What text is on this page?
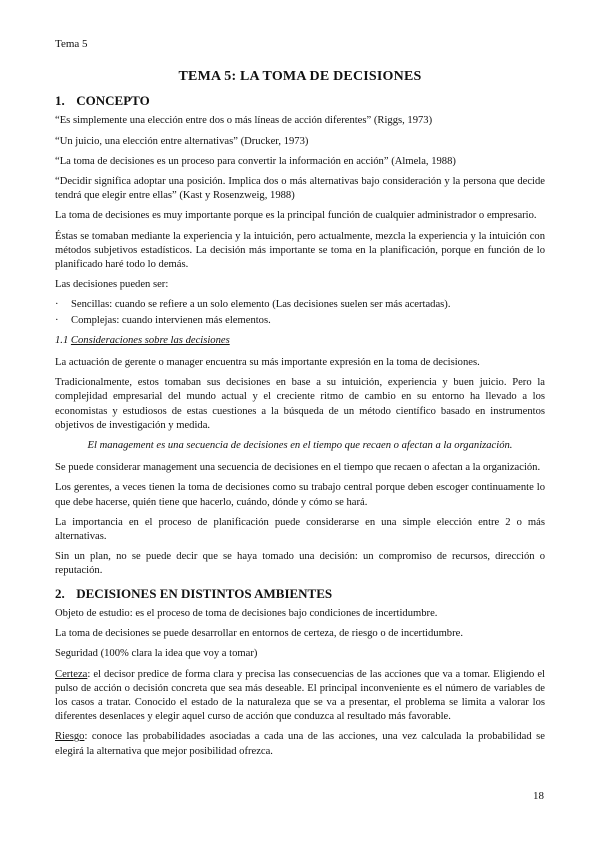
Tema 5
TEMA 5: LA TOMA DE DECISIONES
1. CONCEPTO

“Es simplemente una elección entre dos o más líneas de acción diferentes” (Riggs, 1973)

“Un juicio, una elección entre alternativas” (Drucker, 1973)

“La toma de decisiones es un proceso para convertir la información en acción” (Almela, 1988)

“Decidir significa adoptar una posición. Implica dos o más alternativas bajo consideración y la persona que decide tendrá que elegir entre ellas” (Kast y Rosenzweig, 1988)

La toma de decisiones es muy importante porque es la principal función de cualquier administrador o empresario.

Éstas se tomaban mediante la experiencia y la intuición, pero actualmente, mezcla la experiencia y la intuición con métodos subjetivos estadísticos. La decisión más importante se toma en la planificación, porque en función de lo planificado haré todo lo demás.

Las decisiones pueden ser:

· Sencillas: cuando se refiere a un solo elemento (Las decisiones suelen ser más acertadas).
· Complejas: cuando intervienen más elementos.
1.1 Consideraciones sobre las decisiones

La actuación de gerente o manager encuentra su más importante expresión en la toma de decisiones.

Tradicionalmente, estos tomaban sus decisiones en base a su intuición, experiencia y buen juicio. Pero la complejidad empresarial del mundo actual y el creciente ritmo de cambio en su entorno ha llevado a los economistas y estudiosos de estas cuestiones a la búsqueda de un método científico basado en instrumentos objetivos de investigación y medida.

El management es una secuencia de decisiones en el tiempo que recaen o afectan a la organización.

Se puede considerar management una secuencia de decisiones en el tiempo que recaen o afectan a la organización.

Los gerentes, a veces tienen la toma de decisiones como su trabajo central porque deben escoger continuamente lo que debe hacerse, quién tiene que hacerlo, cuándo, dónde y cómo se hará.

La importancia en el proceso de planificación puede considerarse en una simple elección entre 2 o más alternativas.

Sin un plan, no se puede decir que se haya tomado una decisión: un compromiso de recursos, dirección o reputación.

2. DECISIONES EN DISTINTOS AMBIENTES

Objeto de estudio: es el proceso de toma de decisiones bajo condiciones de incertidumbre.

La toma de decisiones se puede desarrollar en entornos de certeza, de riesgo o de incertidumbre.

Seguridad (100% clara la idea que voy a tomar)

Certeza: el decisor predice de forma clara y precisa las consecuencias de las acciones que va a tomar. Eligiendo el pulso de acción o decisión concreta que sea más deseable. El principal inconveniente es el número de variables de los casos a tratar. Conocido el estado de la naturaleza que se va a presentar, el problema se limita a valorar los diferentes desenlaces y elegir aquel curso de acción que conduzca al resultado más favorable.

Riesgo: conoce las probabilidades asociadas a cada una de las acciones, una vez calculada la probabilidad se elegirá la alternativa que mejor posibilidad ofrezca.

18
